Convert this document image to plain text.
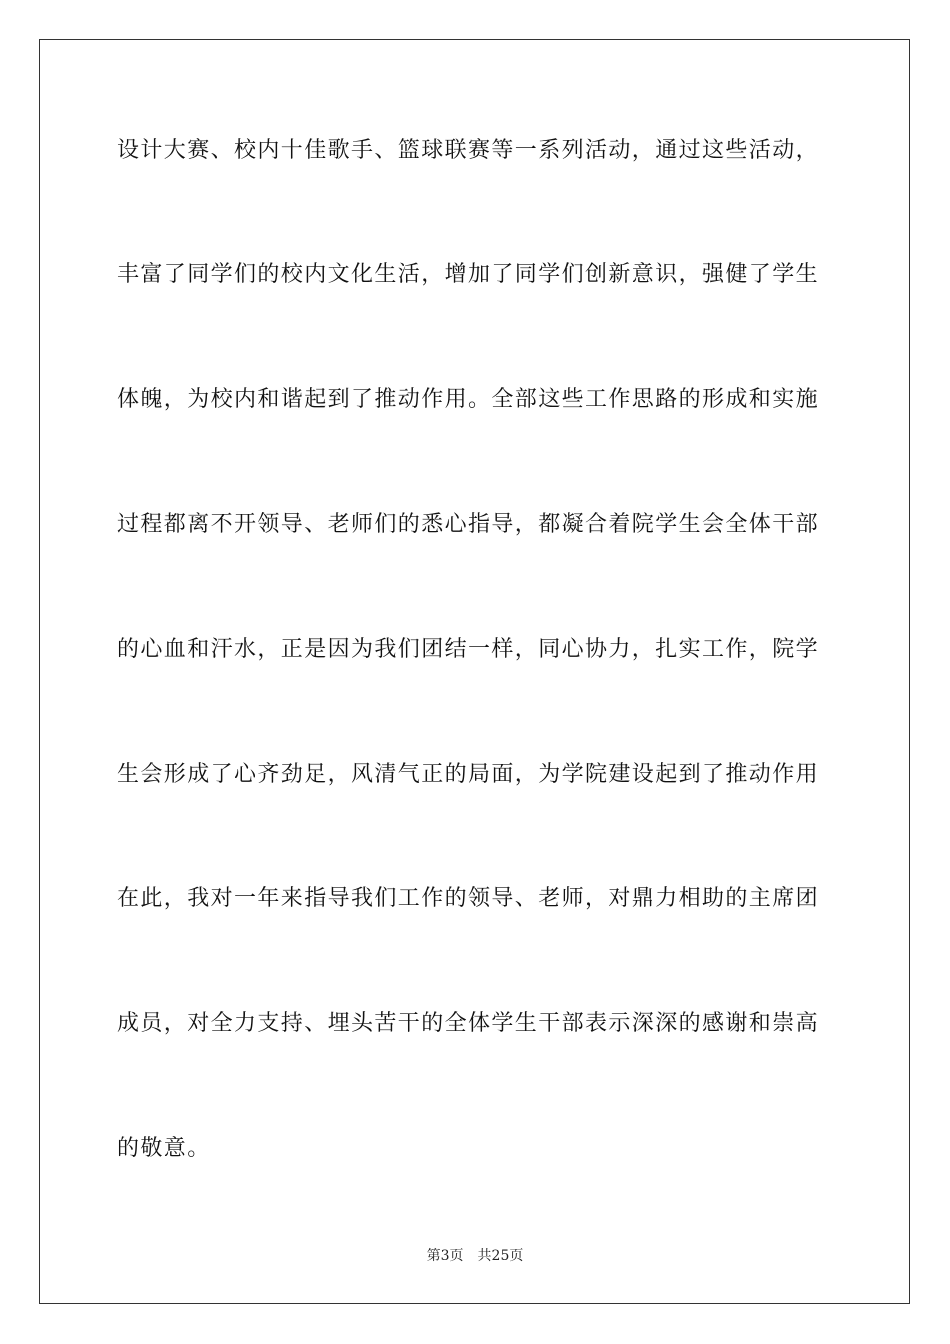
设计大赛、校内十佳歌手、篮球联赛等一系列活动，通过这些活动，
丰富了同学们的校内文化生活，增加了同学们创新意识，强健了学生
体魄，为校内和谐起到了推动作用。全部这些工作思路的形成和实施
过程都离不开领导、老师们的悉心指导，都凝合着院学生会全体干部
的心血和汗水，正是因为我们团结一样，同心协力，扎实工作，院学
生会形成了心齐劲足，风清气正的局面，为学院建设起到了推动作用
在此，我对一年来指导我们工作的领导、老师，对鼎力相助的主席团
成员，对全力支持、埋头苦干的全体学生干部表示深深的感谢和崇高
的敬意。
第3页 共25页
